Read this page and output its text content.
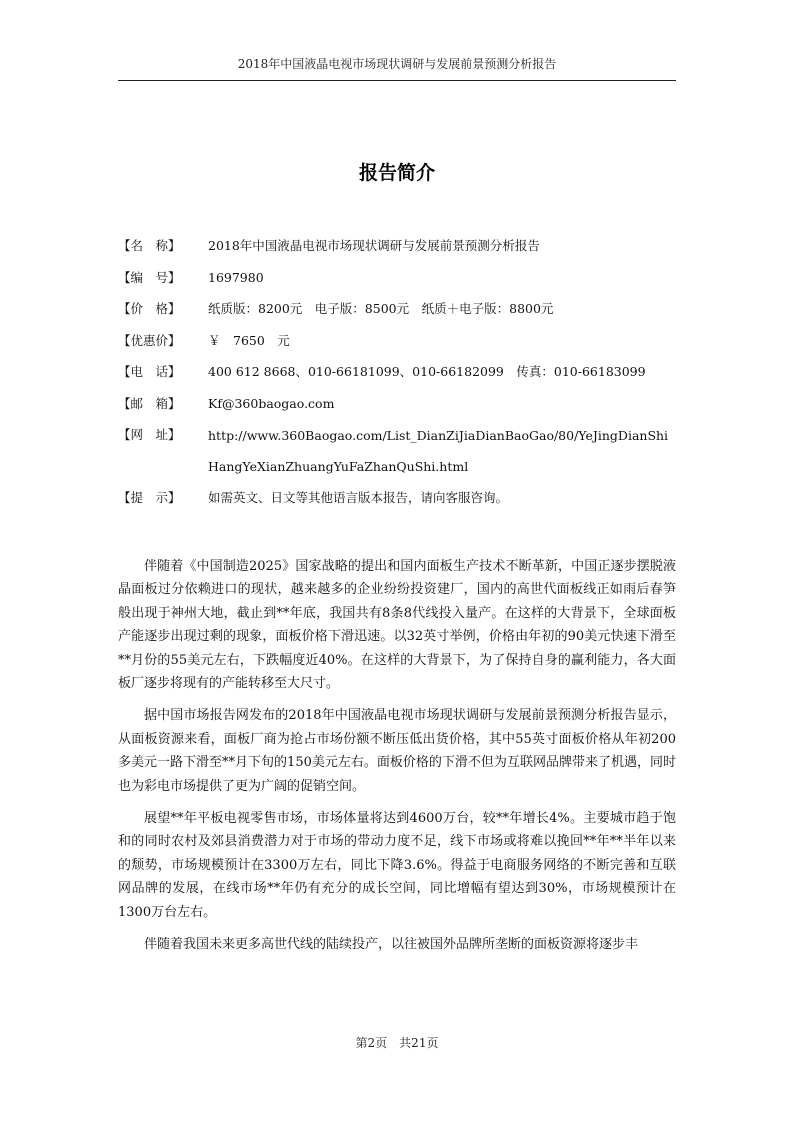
2018年中国液晶电视市场现状调研与发展前景预测分析报告
报告简介
【名　称】	2018年中国液晶电视市场现状调研与发展前景预测分析报告
【编　号】	1697980
【价　格】	纸质版：8200元　电子版：8500元　纸质＋电子版：8800元
【优惠价】	￥　7650　元
【电　话】	400 612 8668、010-66181099、010-66182099　传真：010-66183099
【邮　箱】	Kf@360baogao.com
【网　址】	http://www.360Baogao.com/List_DianZiJiaDianBaoGao/80/YeJingDianShiHangYeXianZhuangYuFaZhanQuShi.html
【提　示】	如需英文、日文等其他语言版本报告，请向客服咨询。

伴随着《中国制造2025》国家战略的提出和国内面板生产技术不断革新，中国正逐步摆脱液晶面板过分依赖进口的现状，越来越多的企业纷纷投资建厂，国内的高世代面板线正如雨后春笋般出现于神州大地，截止到**年底，我国共有8条8代线投入量产。在这样的大背景下，全球面板产能逐步出现过剩的现象，面板价格下滑迅速。以32英寸举例，价格由年初的90美元快速下滑至**月份的55美元左右，下跌幅度近40%。在这样的大背景下，为了保持自身的赢利能力，各大面板厂逐步将现有的产能转移至大尺寸。

据中国市场报告网发布的2018年中国液晶电视市场现状调研与发展前景预测分析报告显示，从面板资源来看，面板厂商为抢占市场份额不断压低出货价格，其中55英寸面板价格从年初200多美元一路下滑至**月下旬的150美元左右。面板价格的下滑不但为互联网品牌带来了机遇，同时也为彩电市场提供了更为广阔的促销空间。

展望**年平板电视零售市场，市场体量将达到4600万台，较**年增长4%。主要城市趋于饱和的同时农村及郊县消费潜力对于市场的带动力度不足，线下市场或将难以挽回**年**半年以来的颓势，市场规模预计在3300万左右，同比下降3.6%。得益于电商服务网络的不断完善和互联网品牌的发展，在线市场**年仍有充分的成长空间，同比增幅有望达到30%，市场规模预计在1300万台左右。

伴随着我国未来更多高世代线的陆续投产，以往被国外品牌所垄断的面板资源将逐步丰

第2页　共21页
